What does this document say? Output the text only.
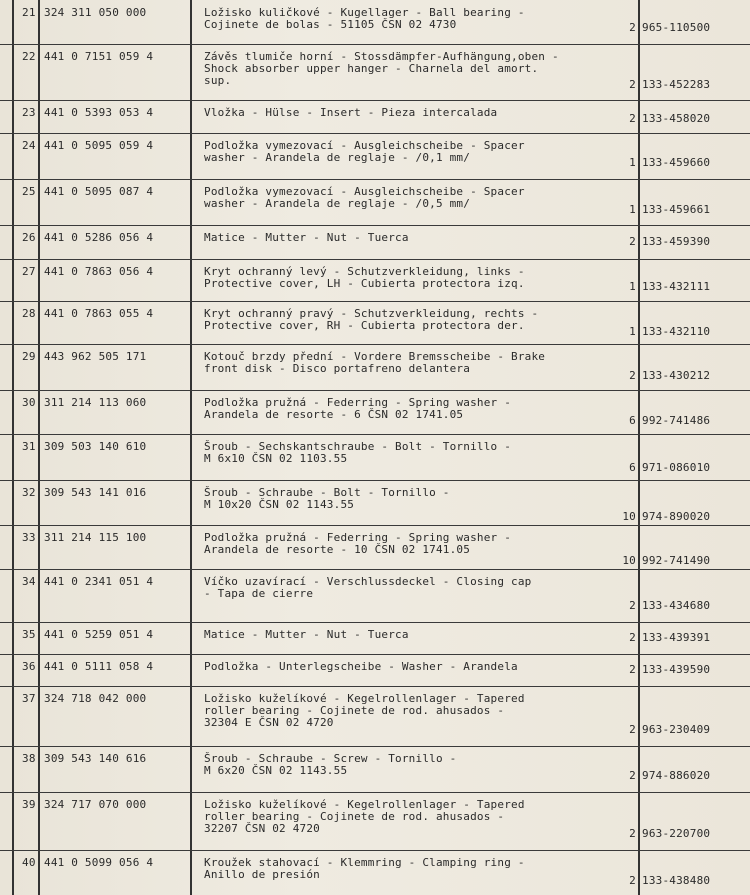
21 324 311 050 000	Ložisko kuličkové - Kugellager - Ball bearing -
Cojinete de bolas - 51105 ČSN 02 4730	2 965-110500
22 441 0 7151 059 4	Závěs tlumiče horní - Stossdämpfer-Aufhängung,oben -
Shock absorber upper hanger - Charnela del amort.
sup.	2 133-452283
23 441 0 5393 053 4	Vložka - Hülse - Insert - Pieza intercalada	2 133-458020
24 441 0 5095 059 4	Podložka vymezovací - Ausgleichscheibe - Spacer
washer - Arandela de reglaje - /0,1 mm/	1 133-459660
25 441 0 5095 087 4	Podložka vymezovací - Ausgleichscheibe - Spacer
washer - Arandela de reglaje - /0,5 mm/	1 133-459661
26 441 0 5286 056 4	Matice - Mutter - Nut - Tuerca	2 133-459390
27 441 0 7863 056 4	Kryt ochranný levý - Schutzverkleidung, links -
Protective cover, LH - Cubierta protectora izq.	1 133-432111
28 441 0 7863 055 4	Kryt ochranný pravý - Schutzverkleidung, rechts -
Protective cover, RH - Cubierta protectora der.	1 133-432110
29 443 962 505 171	Kotouč brzdy přední - Vordere Bremsscheibe - Brake
front disk - Disco portafreno delantera
2 133-430212
30 311 214 113 060	Podložka pružná - Federring - Spring washer -
Arandela de resorte - 6 ČSN 02 1741.05	6 992-741486
31 309 503 140 610	Šroub - Sechskantschraube - Bolt - Tornillo -
M 6x10 ČSN 02 1103.55
6 971-086010
32 309 543 141 016	Šroub - Schraube - Bolt - Tornillo -
M 10x20 ČSN 02 1143.55
10 974-890020
33 311 214 115 100	Podložka pružná - Federring - Spring washer -
Arandela de resorte - 10 ČSN 02 1741.05
10 992-741490
34 441 0 2341 051 4	Víčko uzavírací - Verschlussdeckel - Closing cap
- Tapa de cierre
2 133-434680
35 441 0 5259 051 4	Matice - Mutter - Nut - Tuerca	2 133-439391
36 441 0 5111 058 4	Podložka - Unterlegscheibe - Washer - Arandela	2 133-439590
37 324 718 042 000	Ložisko kuželíkové - Kegelrollenlager - Tapered
roller bearing - Cojinete de rod. ahusados -
32304 E ČSN 02 4720
2 963-230409
38 309 543 140 616	Šroub - Schraube - Screw - Tornillo -
M 6x20 ČSN 02 1143.55	2 974-886020
39 324 717 070 000	Ložisko kuželíkové - Kegelrollenlager - Tapered
roller bearing - Cojinete de rod. ahusados -
32207 ČSN 02 4720	2 963-220700
40 441 0 5099 056 4	Kroužek stahovací - Klemmring - Clamping ring -
Anillo de presión	2 133-438480
